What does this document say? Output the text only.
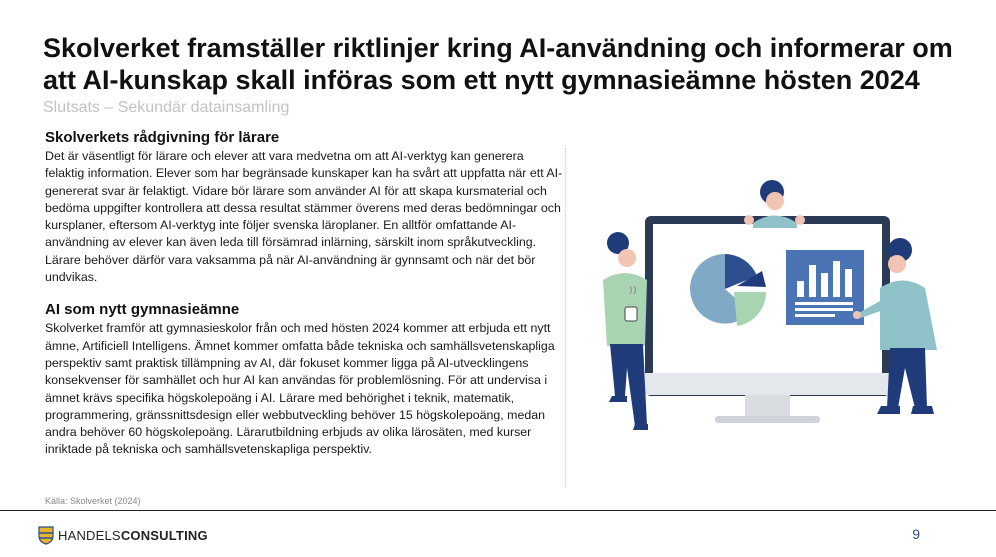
Skolverket framställer riktlinjer kring AI-användning och informerar om att AI-kunskap skall införas som ett nytt gymnasieämne hösten 2024
Slutsats – Sekundär datainsamling
Skolverkets rådgivning för lärare

Det är väsentligt för lärare och elever att vara medvetna om att AI-verktyg kan generera felaktig information. Elever som har begränsade kunskaper kan ha svårt att uppfatta när ett AI-genererat svar är felaktigt. Vidare bör lärare som använder AI för att skapa kursmaterial och bedöma uppgifter kontrollera att dessa resultat stämmer överens med deras bedömningar och kursplaner, eftersom AI-verktyg inte följer svenska läroplaner. En alltför omfattande AI-användning av elever kan även leda till försämrad inlärning, särskilt inom språkutveckling. Lärare behöver därför vara vaksamma på när AI-användning är gynnsamt och när det bör undvikas.

AI som nytt gymnasieämne

Skolverket framför att gymnasieskolor från och med hösten 2024 kommer att erbjuda ett nytt ämne, Artificiell Intelligens. Ämnet kommer omfatta både tekniska och samhällsvetenskapliga perspektiv samt praktisk tillämpning av AI, där fokuset kommer ligga på AI-utvecklingens konsekvenser för samhället och hur AI kan användas för problemlösning. För att undervisa i ämnet krävs specifika högskolepoäng i AI. Lärare med behörighet i teknik, matematik, programmering, gränssnittsdesign eller webbutveckling behöver 15 högskolepoäng, medan andra behöver 60 högskolepoäng. Lärarutbildning erbjuds av olika lärosäten, med kurser inriktade på tekniska och samhällsvetenskapliga perspektiv.

Källa: Skolverket (2024)
HANDELSCONSULTING	9
